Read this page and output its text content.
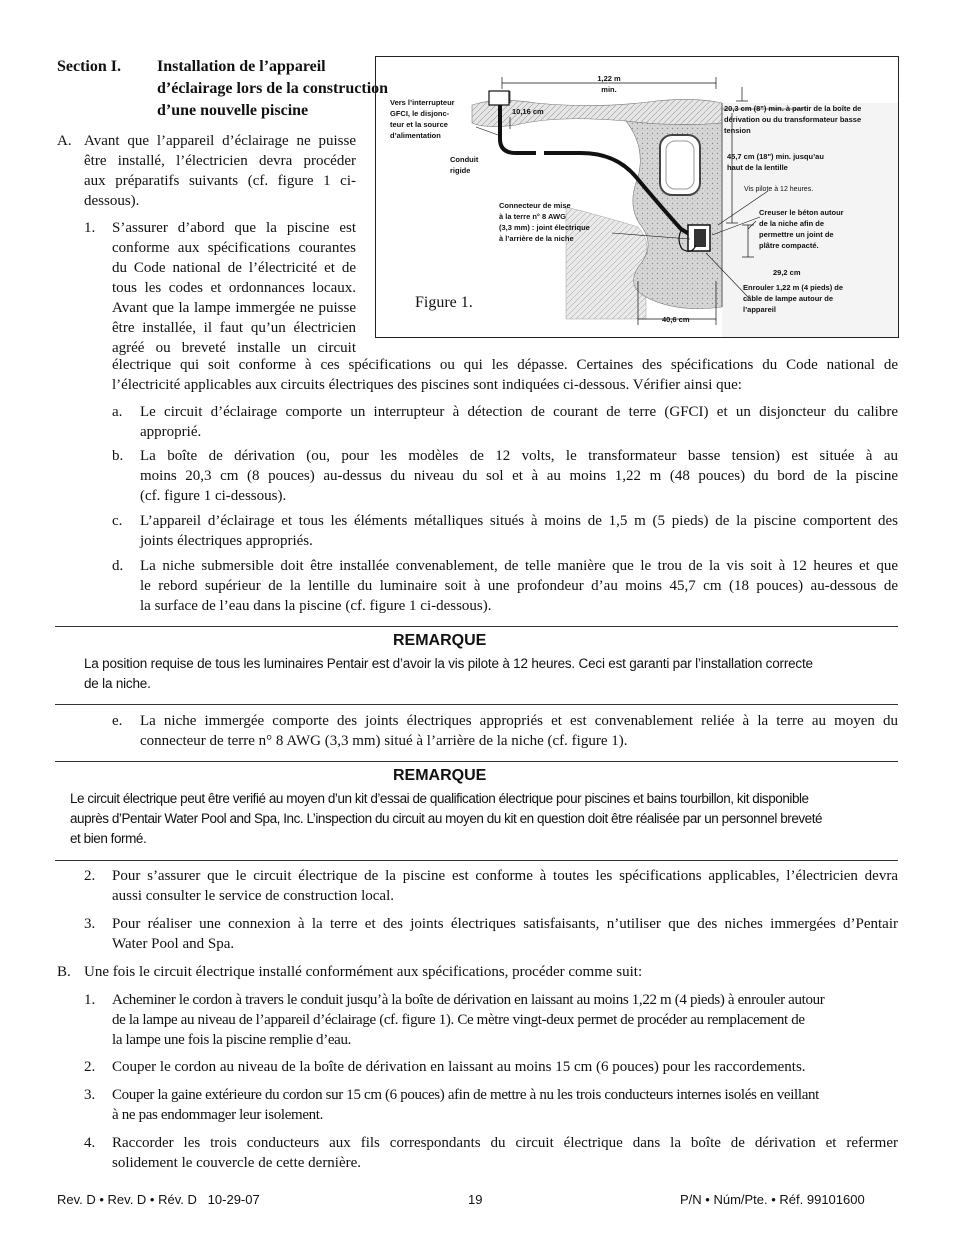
Section I. Installation de l’appareil
d’éclairage lors de la construction
d’une nouvelle piscine
A. Avant que l’appareil d’éclairage ne puisse
être installé, l’électricien devra procéder
aux préparatifs suivants (cf. figure 1 ci-
dessous).
1. S’assurer d’abord que la piscine est
conforme aux spécifications courantes
du Code national de l’électricité et de
tous les codes et ordonnances locaux.
Avant que la lampe immergée ne puisse
être installée, il faut qu’un électricien
agréé ou breveté installe un circuit
électrique qui soit conforme à ces spécifications ou qui les dépasse. Certaines des spécifications du Code national de
l’électricité applicables aux circuits électriques des piscines sont indiquées ci-dessous. Vérifier ainsi que:
Vers l’interrupteur
GFCI, le disjonc-
teur et la source
d’alimentation
1,22 m
min.
10,16 cm	20,3 cm (8") min. à partir de la boîte de
dérivation ou du transformateur basse
tension
Conduit
rigide
45,7 cm (18") min. jusqu’au
haut de la lentille
Vis pilote à 12 heures.
Connecteur de mise
à la terre n° 8 AWG
(3,3 mm) : joint électrique
à l’arrière de la niche
Creuser le béton autour
de la niche afin de
permettre un joint de
plâtre compacté.
29,2 cm
Enrouler 1,22 m (4 pieds) de
câble de lampe autour de
l’appareil
40,6 cm
Figure 1.
a. Le circuit d’éclairage comporte un interrupteur à détection de courant de terre (GFCI) et un disjoncteur du calibre
approprié.
b. La boîte de dérivation (ou, pour les modèles de 12 volts, le transformateur basse tension) est située à au
moins 20,3 cm (8 pouces) au-dessus du niveau du sol et à au moins 1,22 m (48 pouces) du bord de la piscine
(cf. figure 1 ci-dessous).
c. L’appareil d’éclairage et tous les éléments métalliques situés à moins de 1,5 m (5 pieds) de la piscine comportent des
joints électriques appropriés.
d. La niche submersible doit être installée convenablement, de telle manière que le trou de la vis soit à 12 heures et que
le rebord supérieur de la lentille du luminaire soit à une profondeur d’au moins 45,7 cm (18 pouces) au-dessous de
la surface de l’eau dans la piscine (cf. figure 1 ci-dessous).
REMARQUE
La position requise de tous les luminaires Pentair est d’avoir la vis pilote à 12 heures. Ceci est garanti par l’installation correcte
de la niche.
e. La niche immergée comporte des joints électriques appropriés et est convenablement reliée à la terre au moyen du
connecteur de terre n° 8 AWG (3,3 mm) situé à l’arrière de la niche (cf. figure 1).
REMARQUE
Le circuit électrique peut être verifié au moyen d’un kit d’essai de qualification électrique pour piscines et bains tourbillon, kit disponible
auprès d’Pentair Water Pool and Spa, Inc. L’inspection du circuit au moyen du kit en question doit être réalisée par un personnel breveté
et bien formé.
2. Pour s’assurer que le circuit électrique de la piscine est conforme à toutes les spécifications applicables, l’électricien devra
aussi consulter le service de construction local.
3. Pour réaliser une connexion à la terre et des joints électriques satisfaisants, n’utiliser que des niches immergées d’Pentair
Water Pool and Spa.
B. Une fois le circuit électrique installé conformément aux spécifications, procéder comme suit:
1. Acheminer le cordon à travers le conduit jusqu’à la boîte de dérivation en laissant au moins 1,22 m (4 pieds) à enrouler autour
de la lampe au niveau de l’appareil d’éclairage (cf. figure 1). Ce mètre vingt-deux permet de procéder au remplacement de
la lampe une fois la piscine remplie d’eau.
2. Couper le cordon au niveau de la boîte de dérivation en laissant au moins 15 cm (6 pouces) pour les raccordements.
3. Couper la gaine extérieure du cordon sur 15 cm (6 pouces) afin de mettre à nu les trois conducteurs internes isolés en veillant
à ne pas endommager leur isolement.
4. Raccorder les trois conducteurs aux fils correspondants du circuit électrique dans la boîte de dérivation et refermer
solidement le couvercle de cette dernière.
Rev. D • Rev. D • Rév. D   10-29-07	19	P/N • Núm/Pte. • Réf. 99101600
